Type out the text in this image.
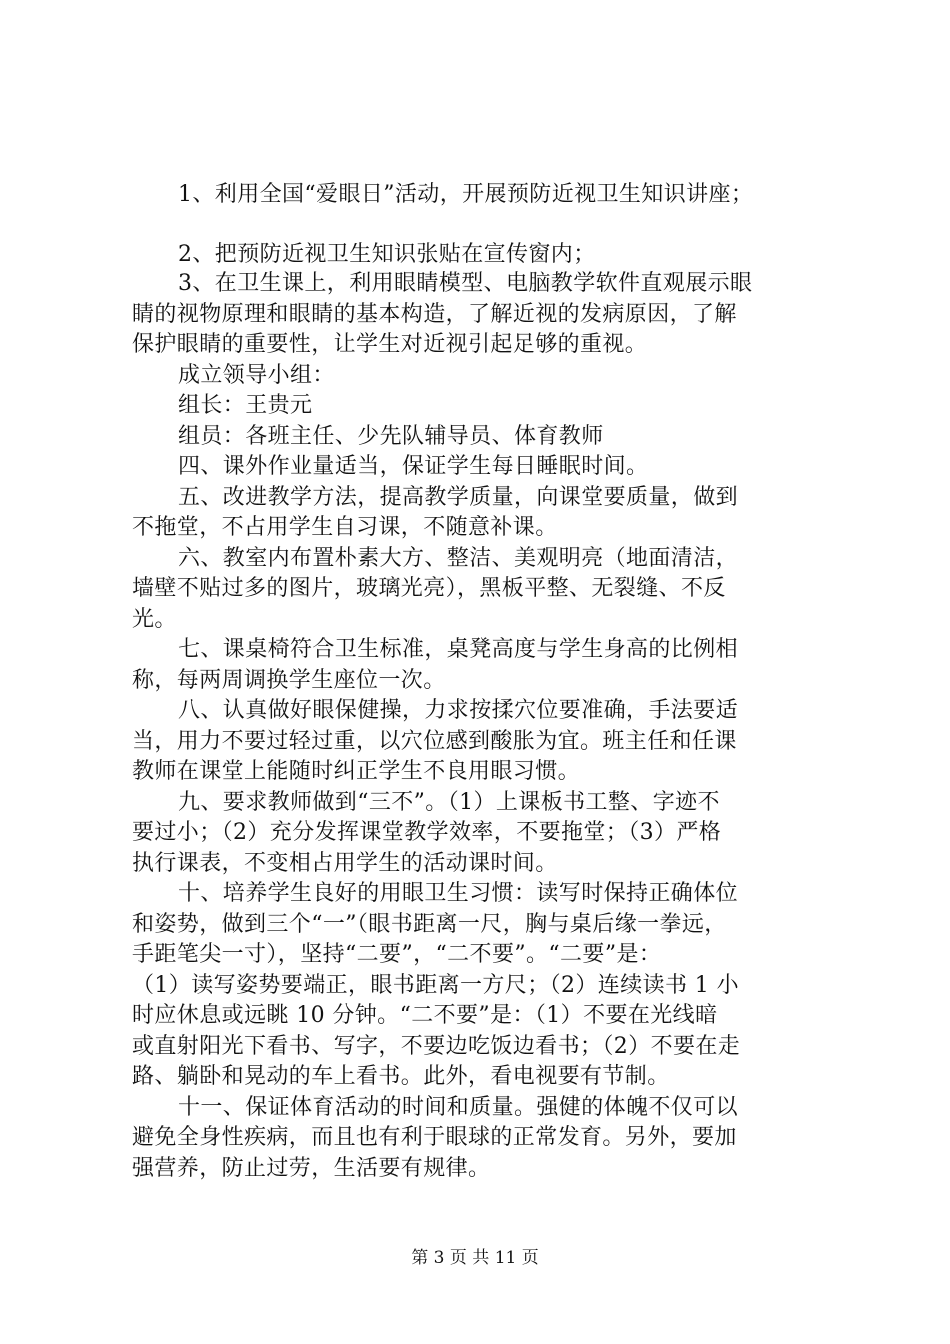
1、利用全国“爱眼日”活动，开展预防近视卫生知识讲座；

2、把预防近视卫生知识张贴在宣传窗内；

3、在卫生课上，利用眼睛模型、电脑教学软件直观展示眼

睛的视物原理和眼睛的基本构造，了解近视的发病原因，了解

保护眼睛的重要性，让学生对近视引起足够的重视。

成立领导小组：

组长：王贵元

组员：各班主任、少先队辅导员、体育教师

四、课外作业量适当，保证学生每日睡眠时间。

五、改进教学方法，提高教学质量，向课堂要质量，做到

不拖堂，不占用学生自习课，不随意补课。

六、教室内布置朴素大方、整洁、美观明亮（地面清洁，

墙壁不贴过多的图片，玻璃光亮），黑板平整、无裂缝、不反

光。

七、课桌椅符合卫生标准，桌凳高度与学生身高的比例相

称，每两周调换学生座位一次。

八、认真做好眼保健操，力求按揉穴位要准确，手法要适

当，用力不要过轻过重，以穴位感到酸胀为宜。班主任和任课

教师在课堂上能随时纠正学生不良用眼习惯。

九、要求教师做到“三不”。（1）上课板书工整、字迹不

要过小；（2）充分发挥课堂教学效率，不要拖堂；（3）严格

执行课表，不变相占用学生的活动课时间。

十、培养学生良好的用眼卫生习惯：读写时保持正确体位

和姿势，做到三个“一”（眼书距离一尺，胸与桌后缘一拳远，

手距笔尖一寸），坚持“二要”，“二不要”。“二要”是：

（1）读写姿势要端正，眼书距离一方尺；（2）连续读书 1 小

时应休息或远眺 10 分钟。“二不要”是：（1）不要在光线暗

或直射阳光下看书、写字，不要边吃饭边看书；（2）不要在走

路、躺卧和晃动的车上看书。此外，看电视要有节制。

十一、保证体育活动的时间和质量。强健的体魄不仅可以

避免全身性疾病，而且也有利于眼球的正常发育。另外，要加

强营养，防止过劳，生活要有规律。

第 3 页 共 11 页
